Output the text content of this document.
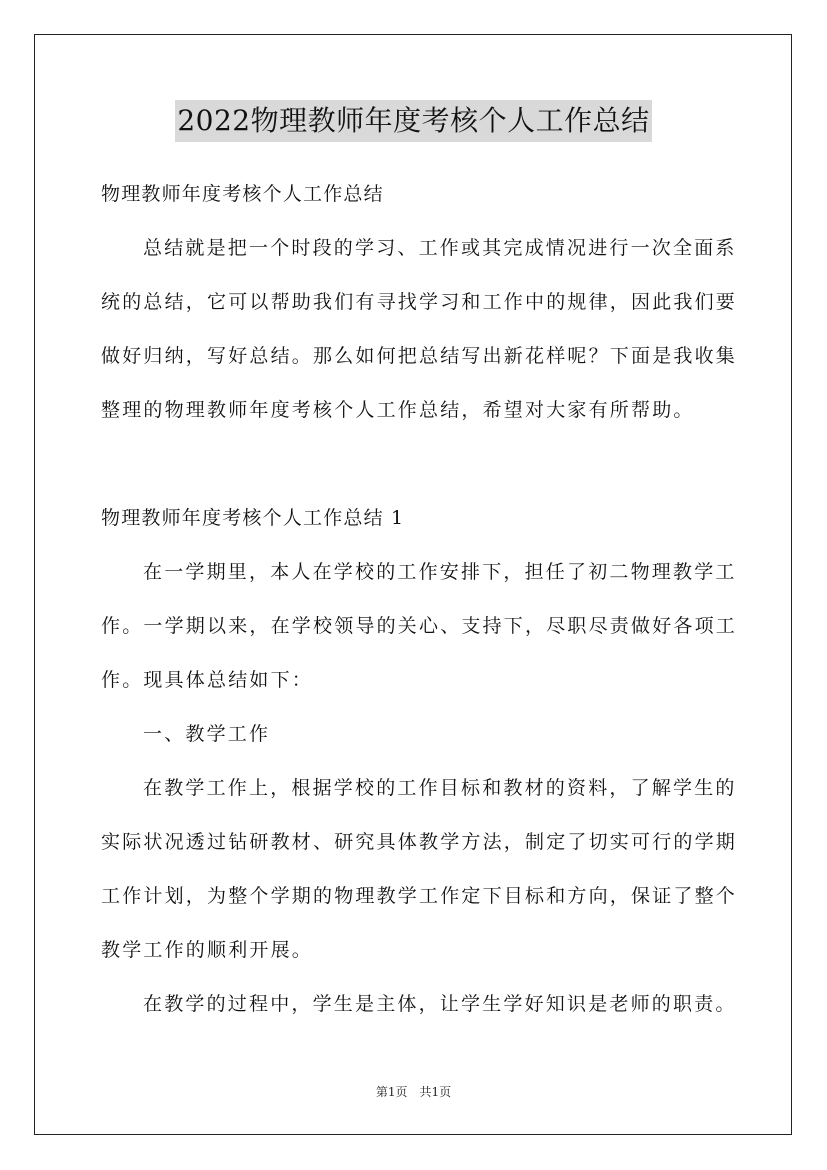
2022物理教师年度考核个人工作总结
物理教师年度考核个人工作总结
总结就是把一个时段的学习、工作或其完成情况进行一次全面系
统的总结，它可以帮助我们有寻找学习和工作中的规律，因此我们要
做好归纳，写好总结。那么如何把总结写出新花样呢？下面是我收集
整理的物理教师年度考核个人工作总结，希望对大家有所帮助。
物理教师年度考核个人工作总结 1
在一学期里，本人在学校的工作安排下，担任了初二物理教学工
作。一学期以来，在学校领导的关心、支持下，尽职尽责做好各项工
作。现具体总结如下：
一、教学工作
在教学工作上，根据学校的工作目标和教材的资料，了解学生的
实际状况透过钻研教材、研究具体教学方法，制定了切实可行的学期
工作计划，为整个学期的物理教学工作定下目标和方向，保证了整个
教学工作的顺利开展。
在教学的过程中，学生是主体，让学生学好知识是老师的职责。
第1页　共1页
